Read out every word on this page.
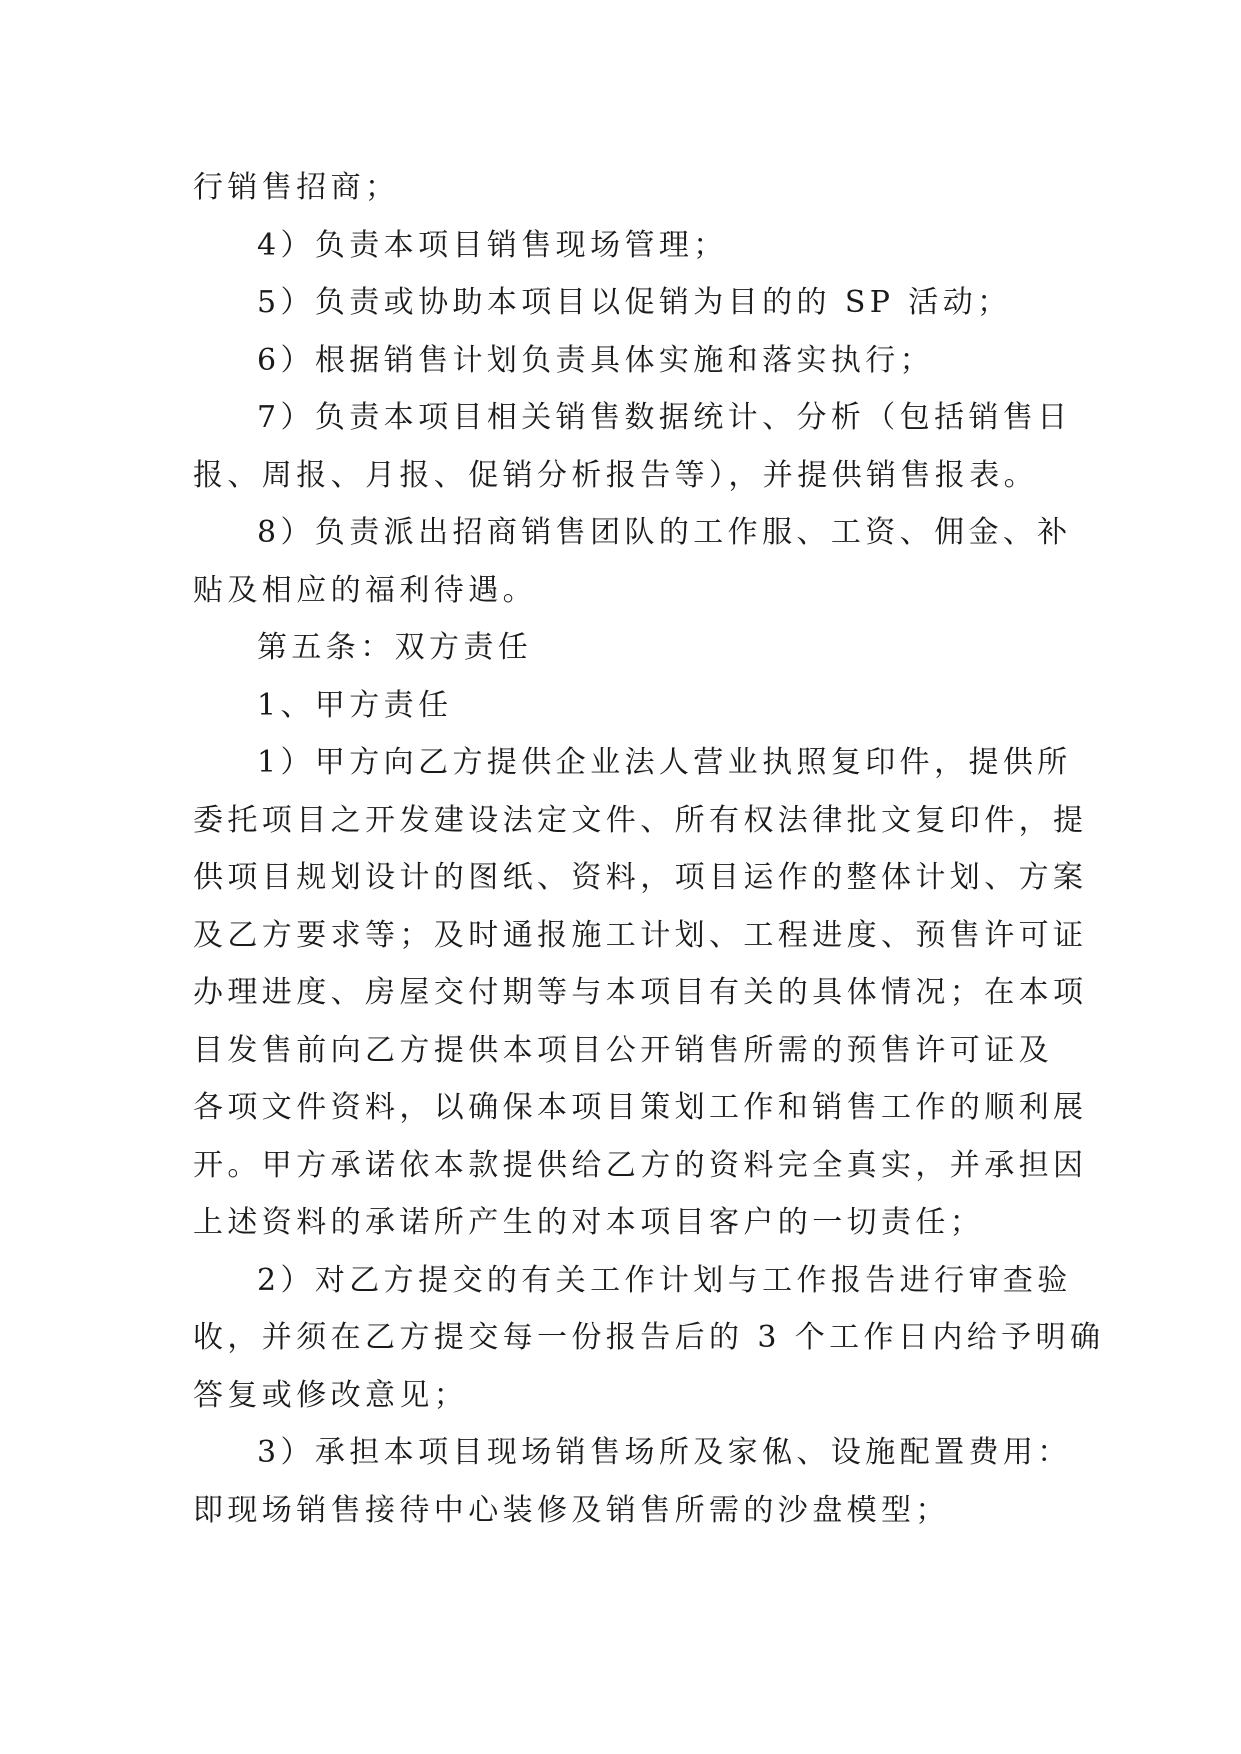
行销售招商；
4）负责本项目销售现场管理；
5）负责或协助本项目以促销为目的的 SP 活动；
6）根据销售计划负责具体实施和落实执行；
7）负责本项目相关销售数据统计、分析（包括销售日
报、周报、月报、促销分析报告等），并提供销售报表。
8）负责派出招商销售团队的工作服、工资、佣金、补
贴及相应的福利待遇。
第五条：双方责任
1、甲方责任
1）甲方向乙方提供企业法人营业执照复印件，提供所
委托项目之开发建设法定文件、所有权法律批文复印件，提
供项目规划设计的图纸、资料，项目运作的整体计划、方案
及乙方要求等；及时通报施工计划、工程进度、预售许可证
办理进度、房屋交付期等与本项目有关的具体情况；在本项
目发售前向乙方提供本项目公开销售所需的预售许可证及
各项文件资料，以确保本项目策划工作和销售工作的顺利展
开。甲方承诺依本款提供给乙方的资料完全真实，并承担因
上述资料的承诺所产生的对本项目客户的一切责任；
2）对乙方提交的有关工作计划与工作报告进行审查验
收，并须在乙方提交每一份报告后的 3 个工作日内给予明确
答复或修改意见；
3）承担本项目现场销售场所及家俬、设施配置费用：
即现场销售接待中心装修及销售所需的沙盘模型；
